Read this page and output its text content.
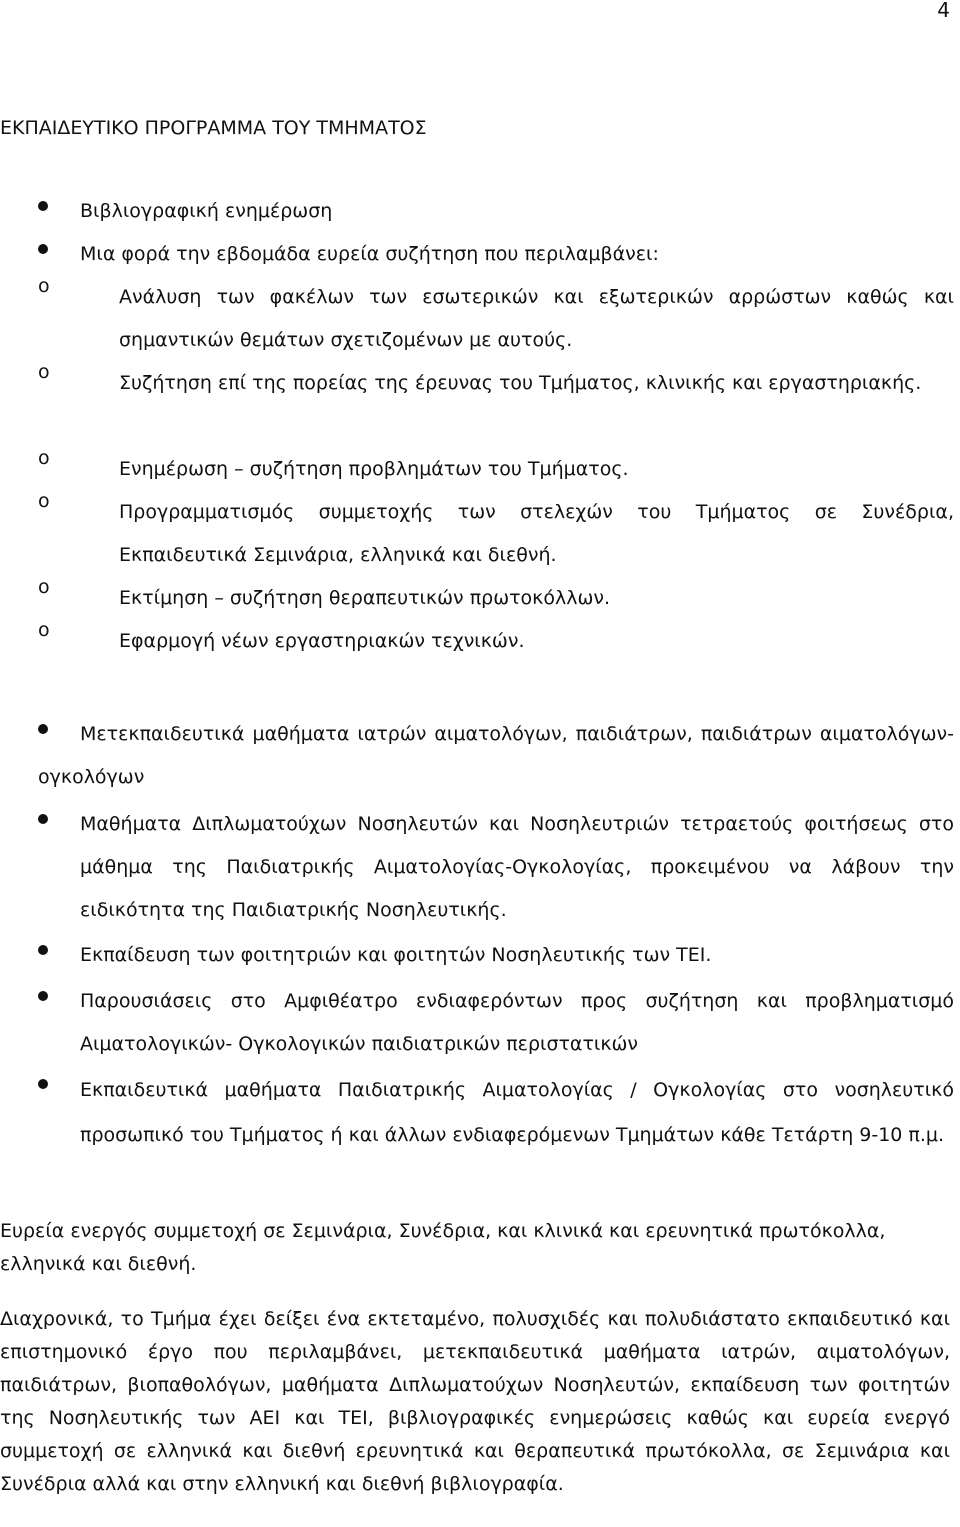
4
ΕΚΠΑΙΔΕΥΤΙΚΟ ΠΡΟΓΡΑΜΜΑ ΤΟΥ ΤΜΗΜΑΤΟΣ
Βιβλιογραφική ενημέρωση
Μια φορά την εβδομάδα ευρεία συζήτηση που περιλαμβάνει:
o	Ανάλυση των φακέλων των εσωτερικών και εξωτερικών αρρώστων καθώς και σημαντικών θεμάτων σχετιζομένων με αυτούς.
o	Συζήτηση επί της πορείας της έρευνας του Τμήματος, κλινικής και εργαστηριακής.
o	Ενημέρωση – συζήτηση προβλημάτων του Τμήματος.
o	Προγραμματισμός συμμετοχής των στελεχών του Τμήματος σε Συνέδρια, Εκπαιδευτικά Σεμινάρια, ελληνικά και διεθνή.
o	Εκτίμηση – συζήτηση θεραπευτικών πρωτοκόλλων.
o	Εφαρμογή νέων εργαστηριακών τεχνικών.
Μετεκπαιδευτικά μαθήματα ιατρών αιματολόγων, παιδιάτρων, παιδιάτρων αιματολόγων-ογκολόγων
Μαθήματα Διπλωματούχων Νοσηλευτών και Νοσηλευτριών τετραετούς φοιτήσεως στο μάθημα της Παιδιατρικής Αιματολογίας-Ογκολογίας, προκειμένου να λάβουν την ειδικότητα της Παιδιατρικής Νοσηλευτικής.
Εκπαίδευση των φοιτητριών και φοιτητών Νοσηλευτικής των ΤΕΙ.
Παρουσιάσεις στο Αμφιθέατρο ενδιαφερόντων προς συζήτηση και προβληματισμό Αιματολογικών- Ογκολογικών παιδιατρικών περιστατικών
Εκπαιδευτικά μαθήματα Παιδιατρικής Αιματολογίας / Ογκολογίας στο νοσηλευτικό προσωπικό του Τμήματος ή και άλλων ενδιαφερόμενων Τμημάτων κάθε Τετάρτη 9-10 π.μ.
Ευρεία ενεργός συμμετοχή σε Σεμινάρια, Συνέδρια, και κλινικά και ερευνητικά πρωτόκολλα, ελληνικά και διεθνή.
Διαχρονικά, το Τμήμα έχει δείξει ένα εκτεταμένο, πολυσχιδές και πολυδιάστατο εκπαιδευτικό και επιστημονικό έργο που περιλαμβάνει, μετεκπαιδευτικά μαθήματα ιατρών, αιματολόγων, παιδιάτρων, βιοπαθολόγων, μαθήματα Διπλωματούχων Νοσηλευτών, εκπαίδευση των φοιτητών της Νοσηλευτικής των ΑΕΙ και ΤΕΙ, βιβλιογραφικές ενημερώσεις καθώς και ευρεία ενεργό συμμετοχή σε ελληνικά και διεθνή ερευνητικά και θεραπευτικά πρωτόκολλα, σε Σεμινάρια και Συνέδρια αλλά και στην ελληνική και διεθνή βιβλιογραφία.
